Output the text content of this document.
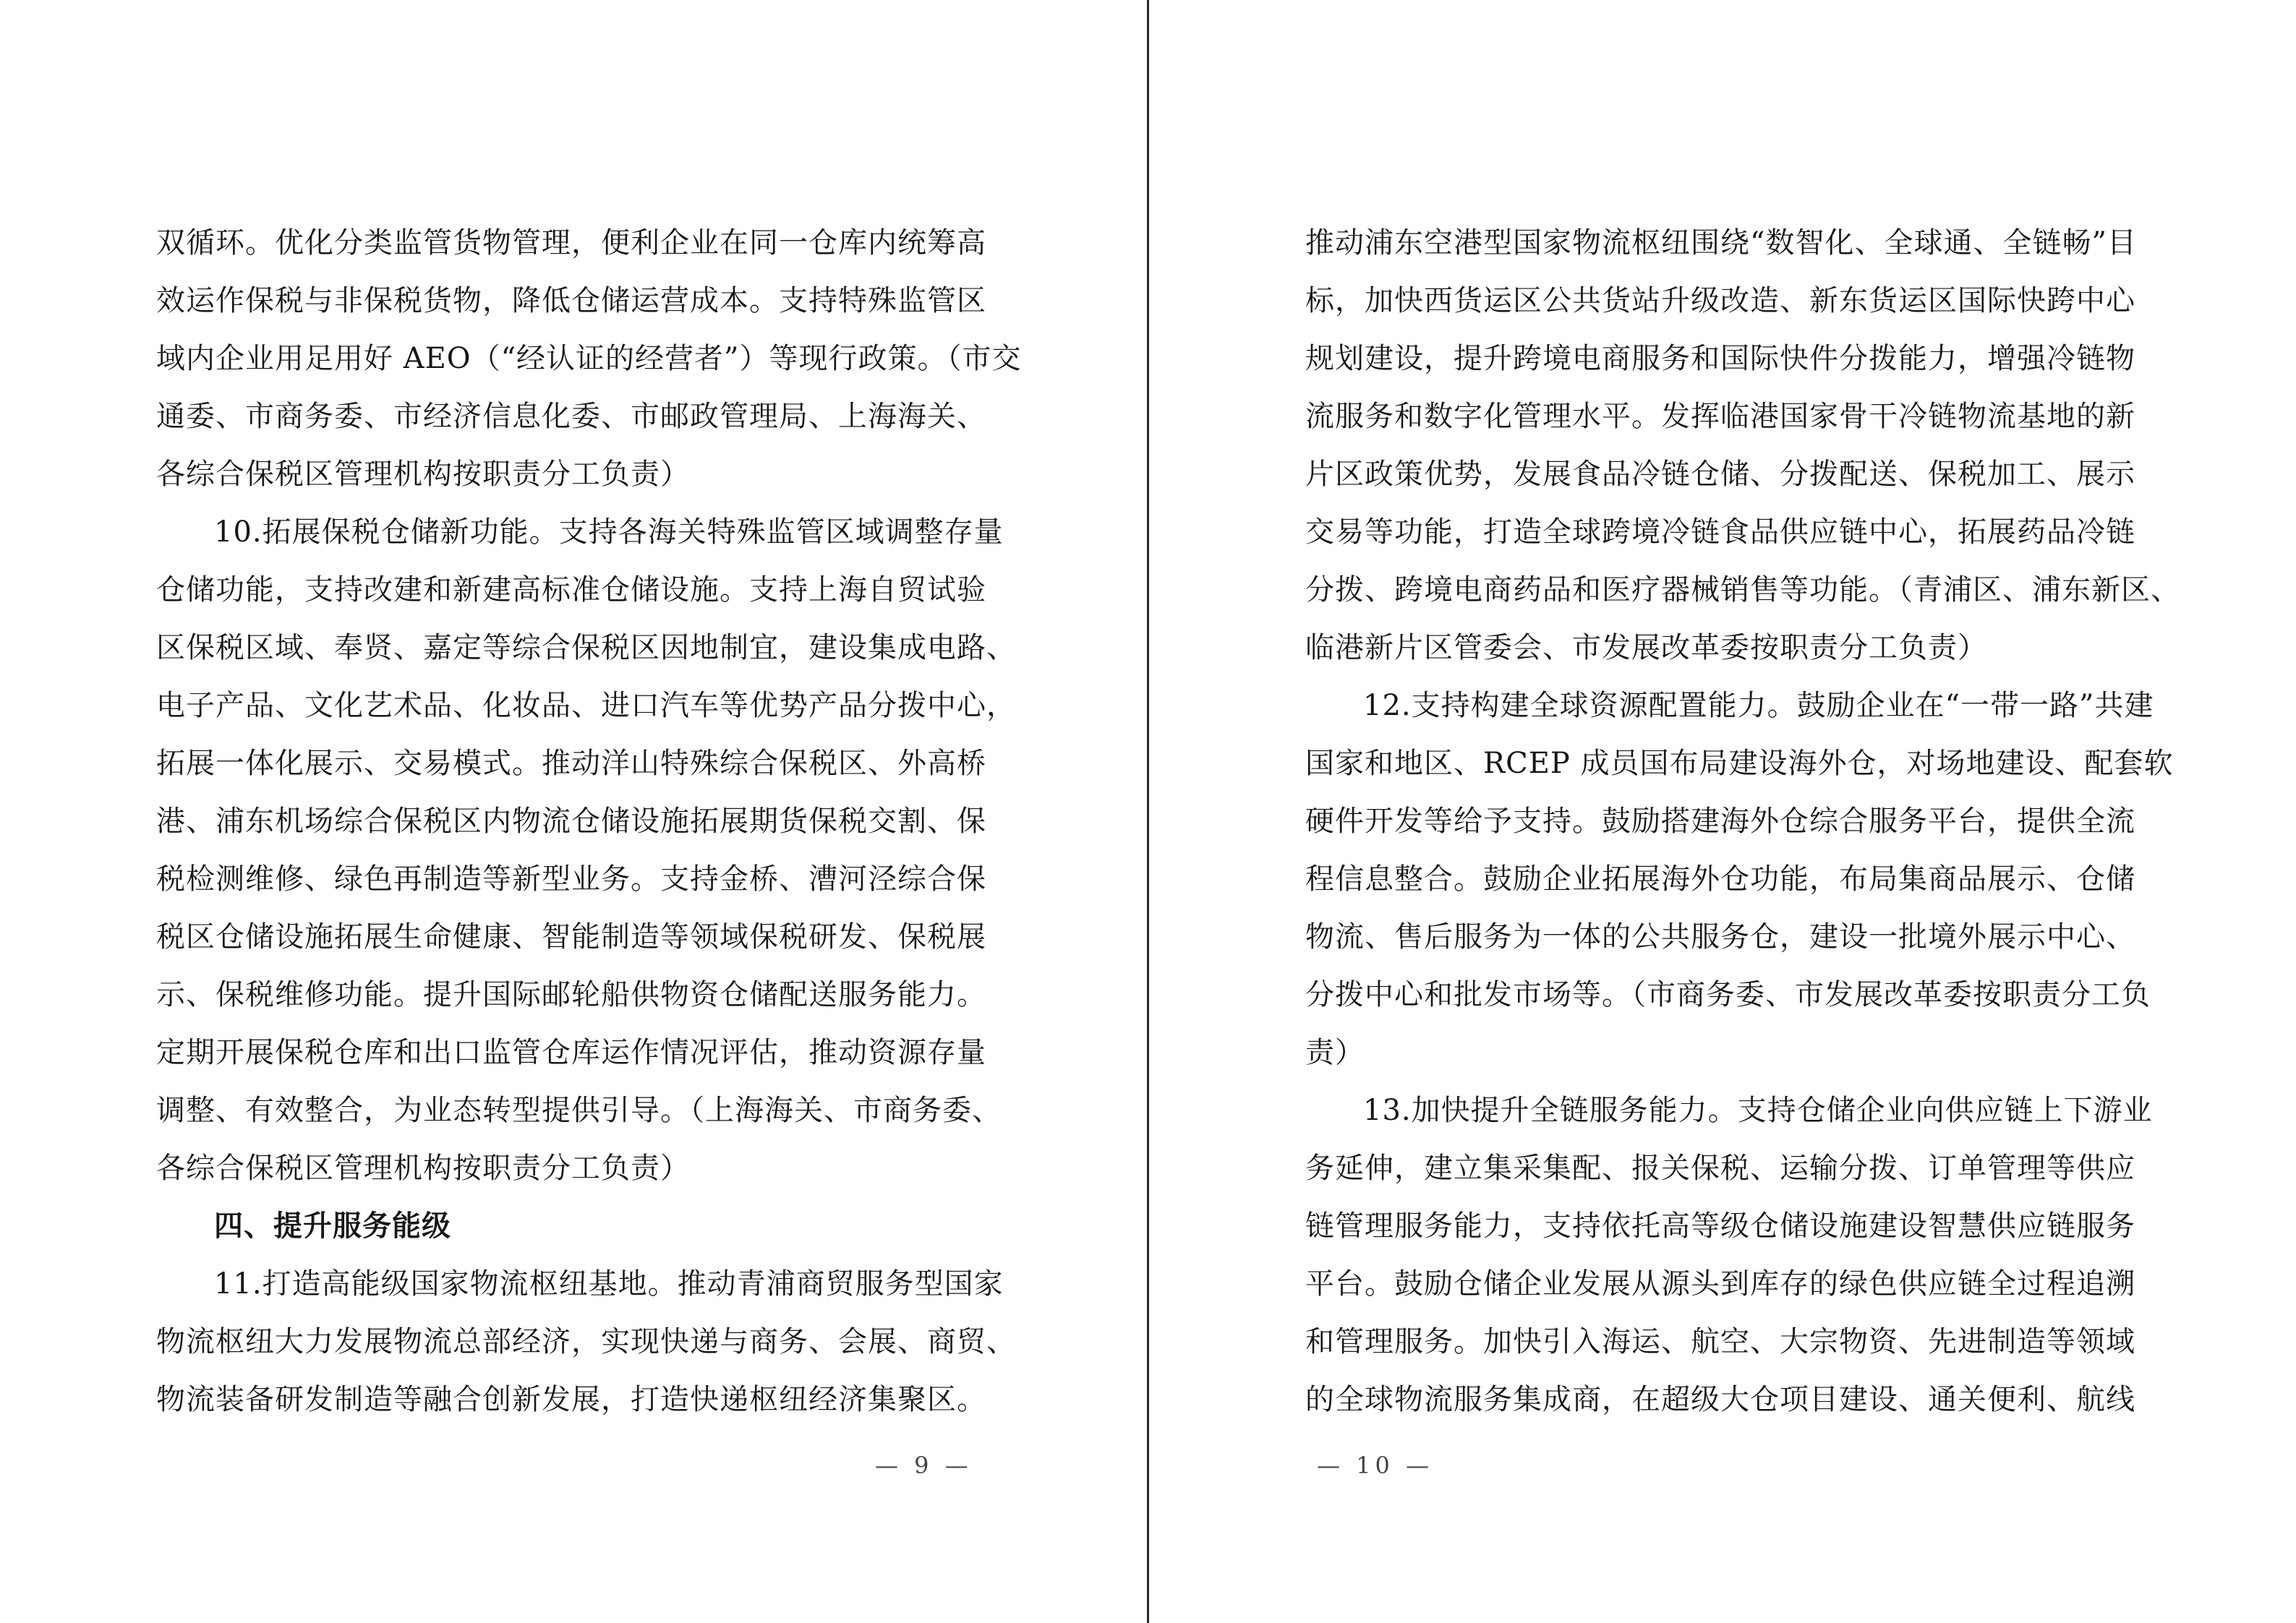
双循环。优化分类监管货物管理，便利企业在同一仓库内统筹高
效运作保税与非保税货物，降低仓储运营成本。支持特殊监管区
域内企业用足用好 AEO（“经认证的经营者”）等现行政策。（市交
通委、市商务委、市经济信息化委、市邮政管理局、上海海关、
各综合保税区管理机构按职责分工负责）
10.拓展保税仓储新功能。支持各海关特殊监管区域调整存量
仓储功能，支持改建和新建高标准仓储设施。支持上海自贸试验
区保税区域、奉贤、嘉定等综合保税区因地制宜，建设集成电路、
电子产品、文化艺术品、化妆品、进口汽车等优势产品分拨中心，
拓展一体化展示、交易模式。推动洋山特殊综合保税区、外高桥
港、浦东机场综合保税区内物流仓储设施拓展期货保税交割、保
税检测维修、绿色再制造等新型业务。支持金桥、漕河泾综合保
税区仓储设施拓展生命健康、智能制造等领域保税研发、保税展
示、保税维修功能。提升国际邮轮船供物资仓储配送服务能力。
定期开展保税仓库和出口监管仓库运作情况评估，推动资源存量
调整、有效整合，为业态转型提供引导。（上海海关、市商务委、
各综合保税区管理机构按职责分工负责）
四、提升服务能级
11.打造高能级国家物流枢纽基地。推动青浦商贸服务型国家
物流枢纽大力发展物流总部经济，实现快递与商务、会展、商贸、
物流装备研发制造等融合创新发展，打造快递枢纽经济集聚区。
— 9 —
推动浦东空港型国家物流枢纽围绕“数智化、全球通、全链畅”目
标，加快西货运区公共货站升级改造、新东货运区国际快跨中心
规划建设，提升跨境电商服务和国际快件分拨能力，增强冷链物
流服务和数字化管理水平。发挥临港国家骨干冷链物流基地的新
片区政策优势，发展食品冷链仓储、分拨配送、保税加工、展示
交易等功能，打造全球跨境冷链食品供应链中心，拓展药品冷链
分拨、跨境电商药品和医疗器械销售等功能。（青浦区、浦东新区、
临港新片区管委会、市发展改革委按职责分工负责）
12.支持构建全球资源配置能力。鼓励企业在“一带一路”共建
国家和地区、RCEP 成员国布局建设海外仓，对场地建设、配套软
硬件开发等给予支持。鼓励搭建海外仓综合服务平台，提供全流
程信息整合。鼓励企业拓展海外仓功能，布局集商品展示、仓储
物流、售后服务为一体的公共服务仓，建设一批境外展示中心、
分拨中心和批发市场等。（市商务委、市发展改革委按职责分工负
责）
13.加快提升全链服务能力。支持仓储企业向供应链上下游业
务延伸，建立集采集配、报关保税、运输分拨、订单管理等供应
链管理服务能力，支持依托高等级仓储设施建设智慧供应链服务
平台。鼓励仓储企业发展从源头到库存的绿色供应链全过程追溯
和管理服务。加快引入海运、航空、大宗物资、先进制造等领域
的全球物流服务集成商，在超级大仓项目建设、通关便利、航线
— 10 —
